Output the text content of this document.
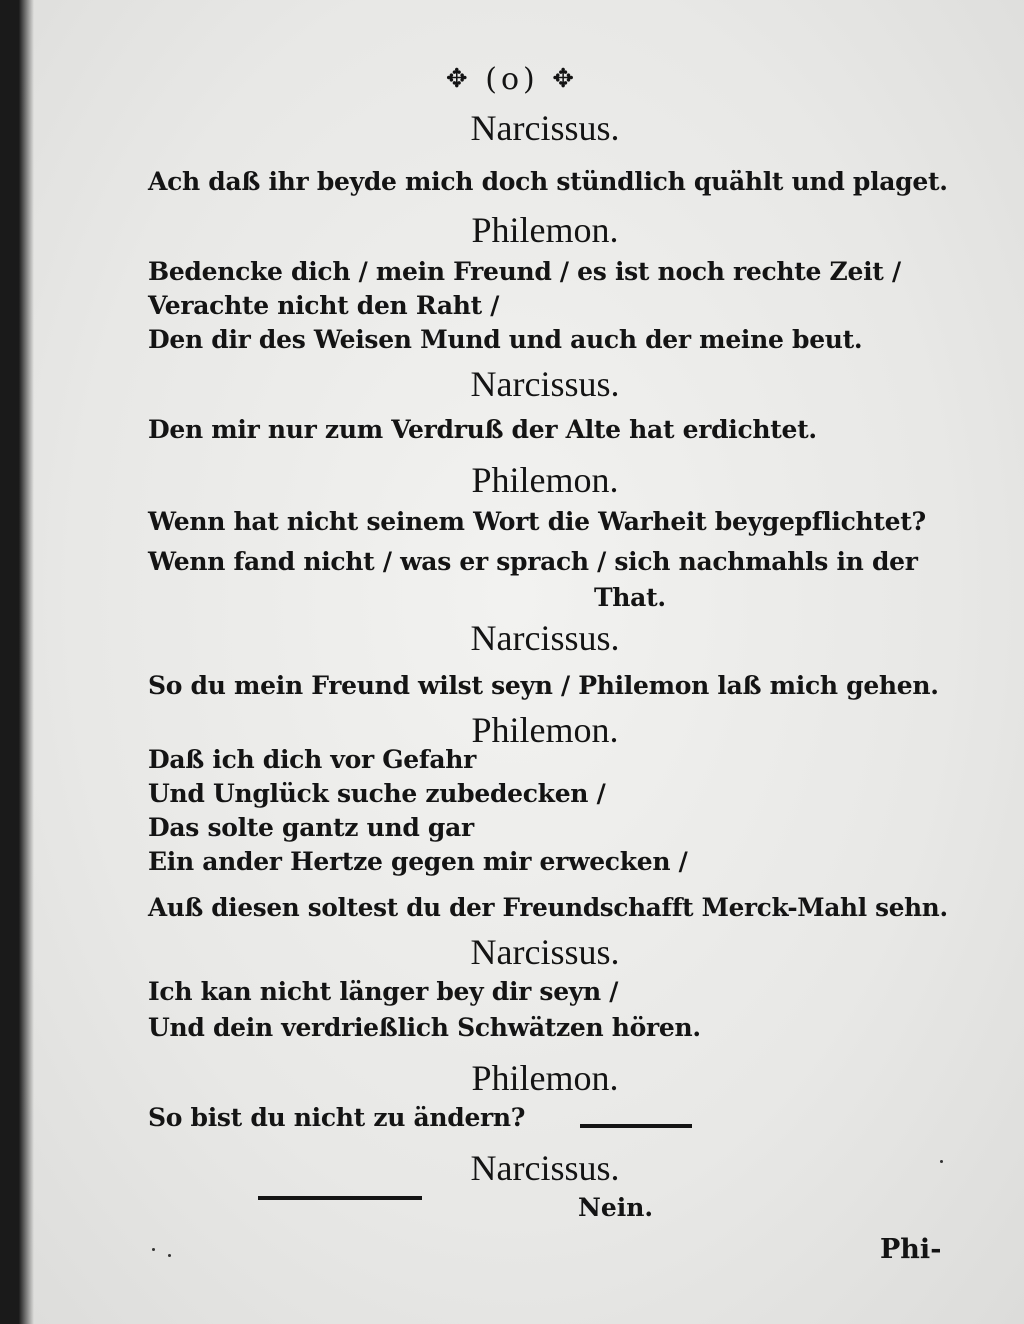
✥ (o) ✥
Narcissus.
Ach daß ihr beyde mich doch stündlich quählt und plaget.
Philemon.
Bedencke dich / mein Freund / es ist noch rechte Zeit /
Verachte nicht den Raht /
Den dir des Weisen Mund und auch der meine beut.
Narcissus.
Den mir nur zum Verdruß der Alte hat erdichtet.
Philemon.
Wenn hat nicht seinem Wort die Warheit beygepflichtet?
Wenn fand nicht / was er sprach / sich nachmahls in der
That.
Narcissus.
So du mein Freund wilst seyn / Philemon laß mich gehen.
Philemon.
Daß ich dich vor Gefahr
Und Unglück suche zubedecken /
Das solte gantz und gar
Ein ander Hertze gegen mir erwecken /
Auß diesen soltest du der Freundschafft Merck-Mahl sehn.
Narcissus.
Ich kan nicht länger bey dir seyn /
Und dein verdrießlich Schwätzen hören.
Philemon.
So bist du nicht zu ändern?
Narcissus.
Nein.
Phi-
